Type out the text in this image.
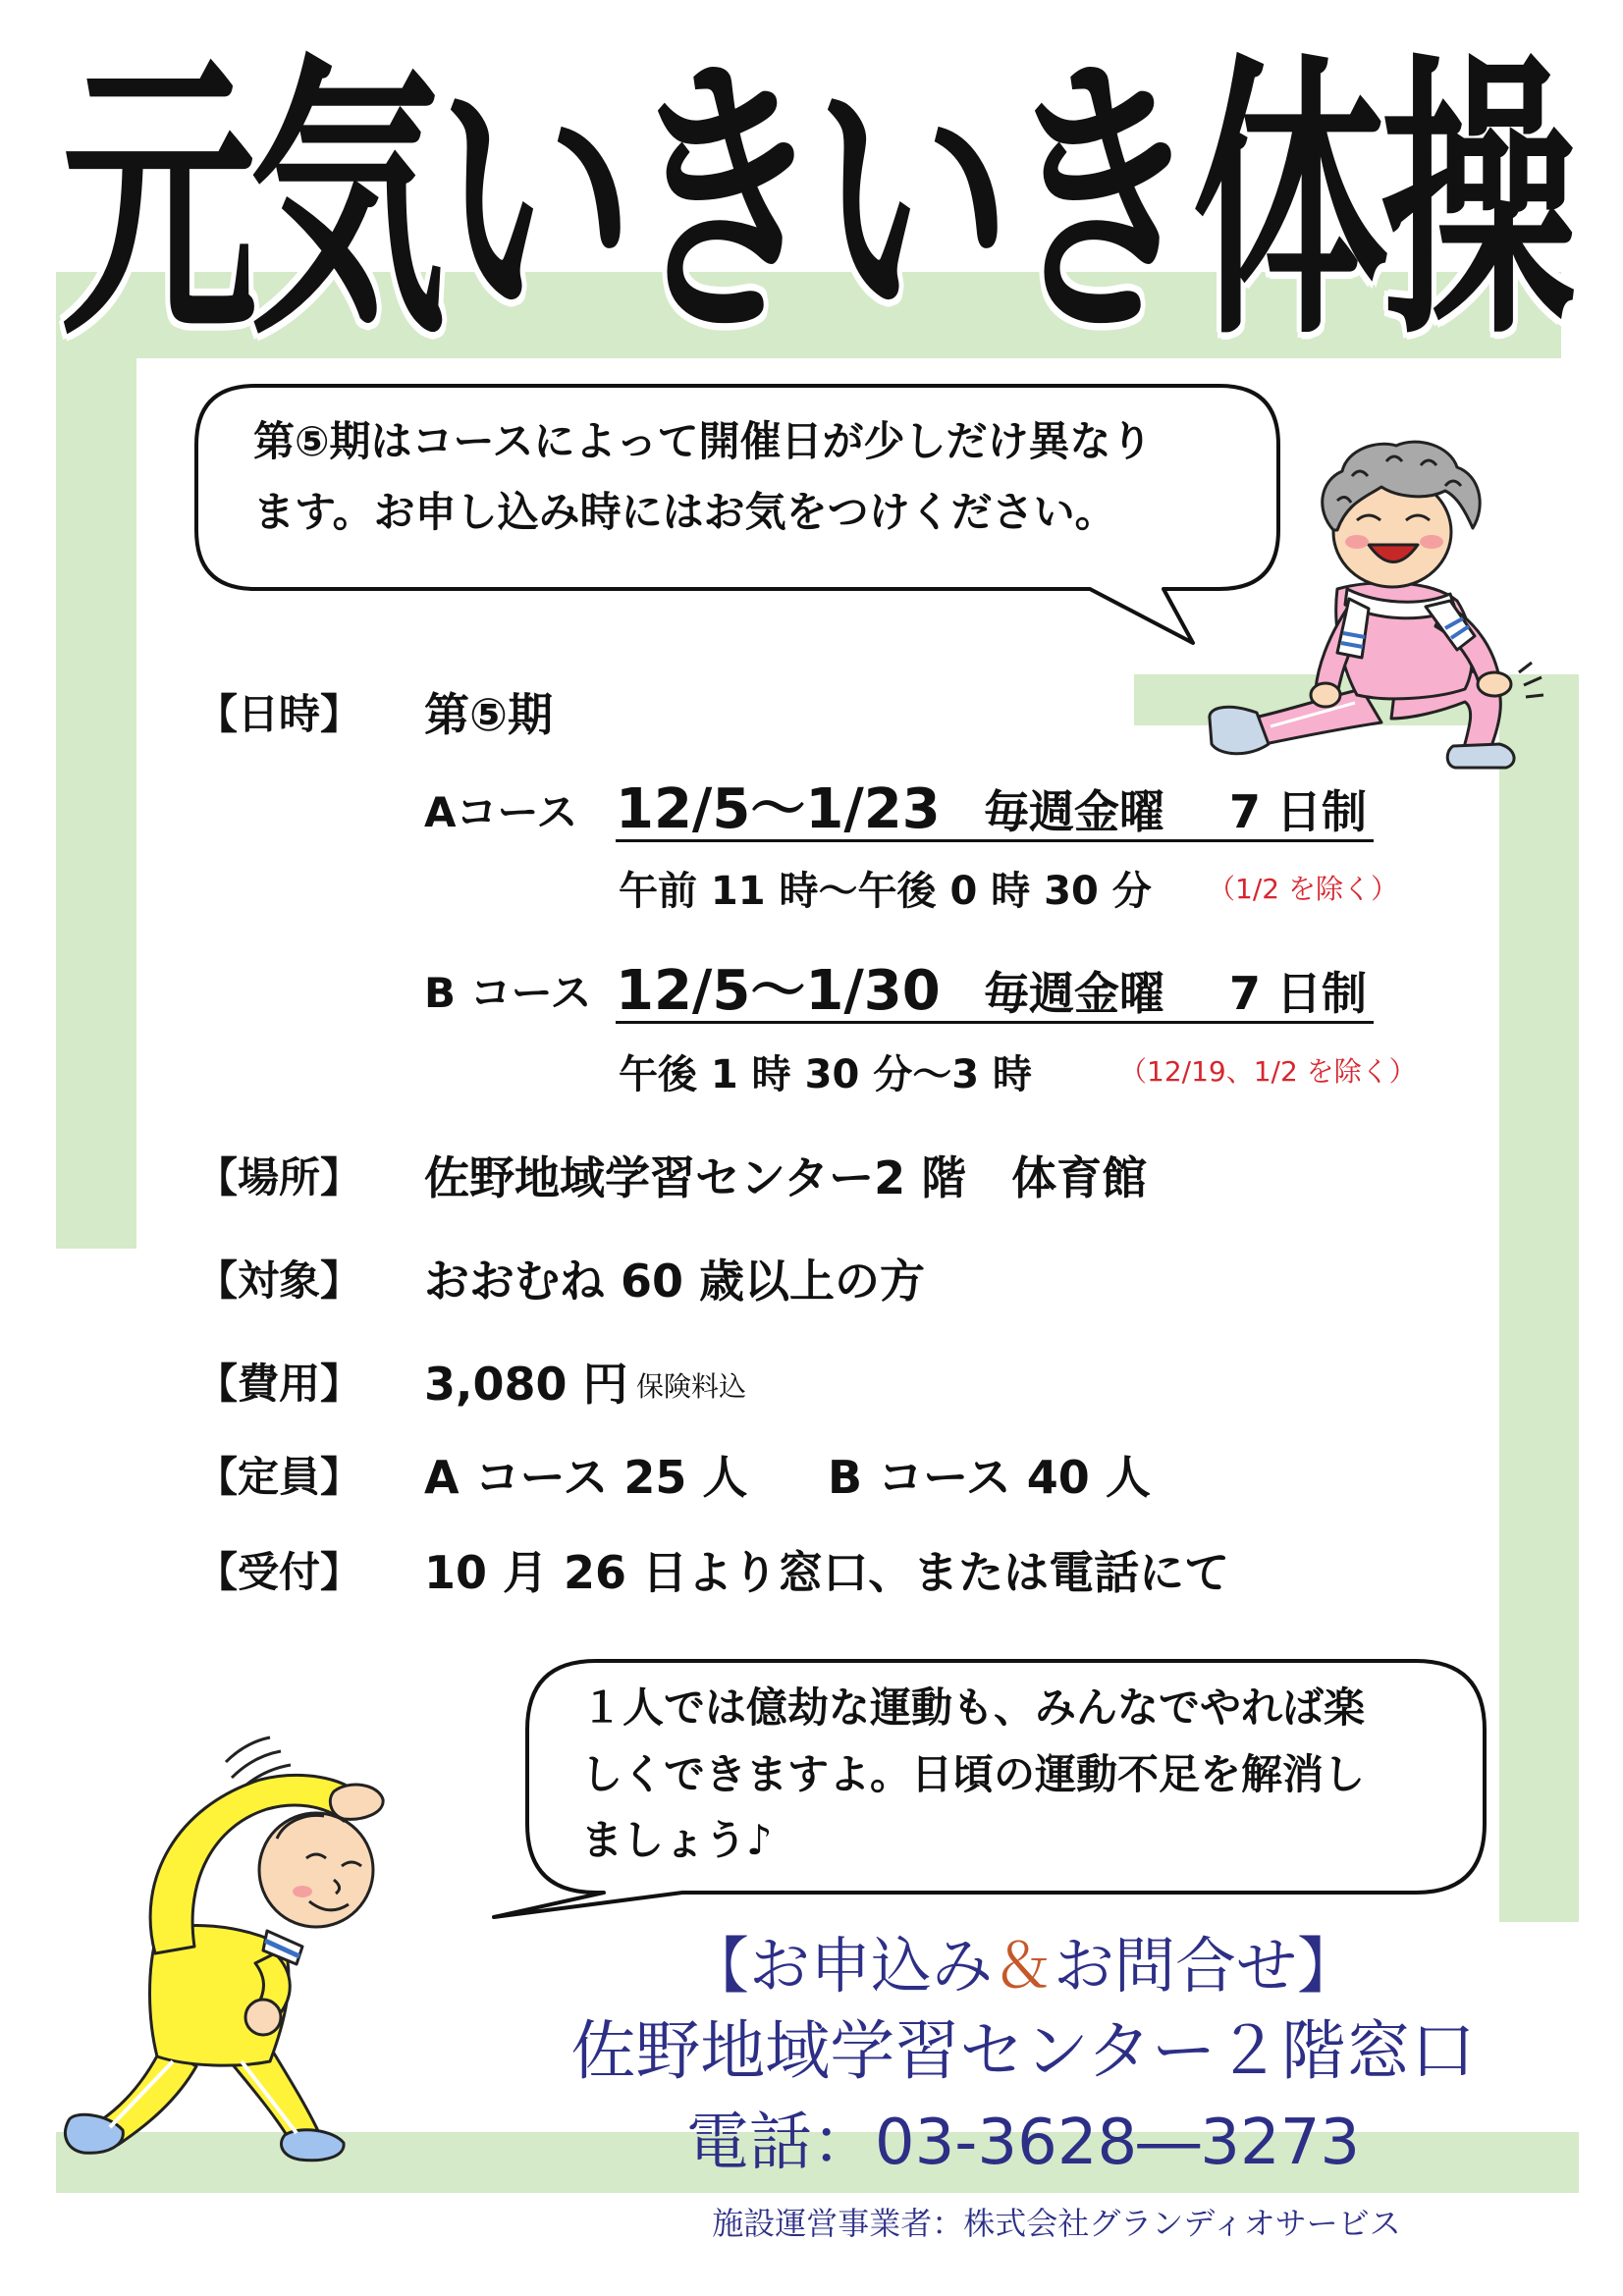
元気いきいき体操
第⑤期はコースによって開催日が少しだけ異なり
ます。お申し込み時にはお気をつけください。
【日時】 第⑤期
Aコース 12/5～1/23 毎週金曜 7 日制
午前 11 時～午後 0 時 30 分 （1/2 を除く）
B コース 12/5～1/30 毎週金曜 7 日制
午後 1 時 30 分～3 時	（12/19、1/2 を除く）
【場所】 佐野地域学習センター2 階　体育館
【対象】 おおむね 60 歳以上の方
【費用】 3,080 円 保険料込
【定員】 A コース 25 人 B コース 40 人
【受付】 10 月 26 日より窓口、または電話にて
１人では億劫な運動も、みんなでやれば楽
しくできますよ。日頃の運動不足を解消し
ましょう♪
【お申込み＆お問合せ】
佐野地域学習センター２階窓口
電話：03-3628―3273
施設運営事業者：株式会社グランディオサービス
